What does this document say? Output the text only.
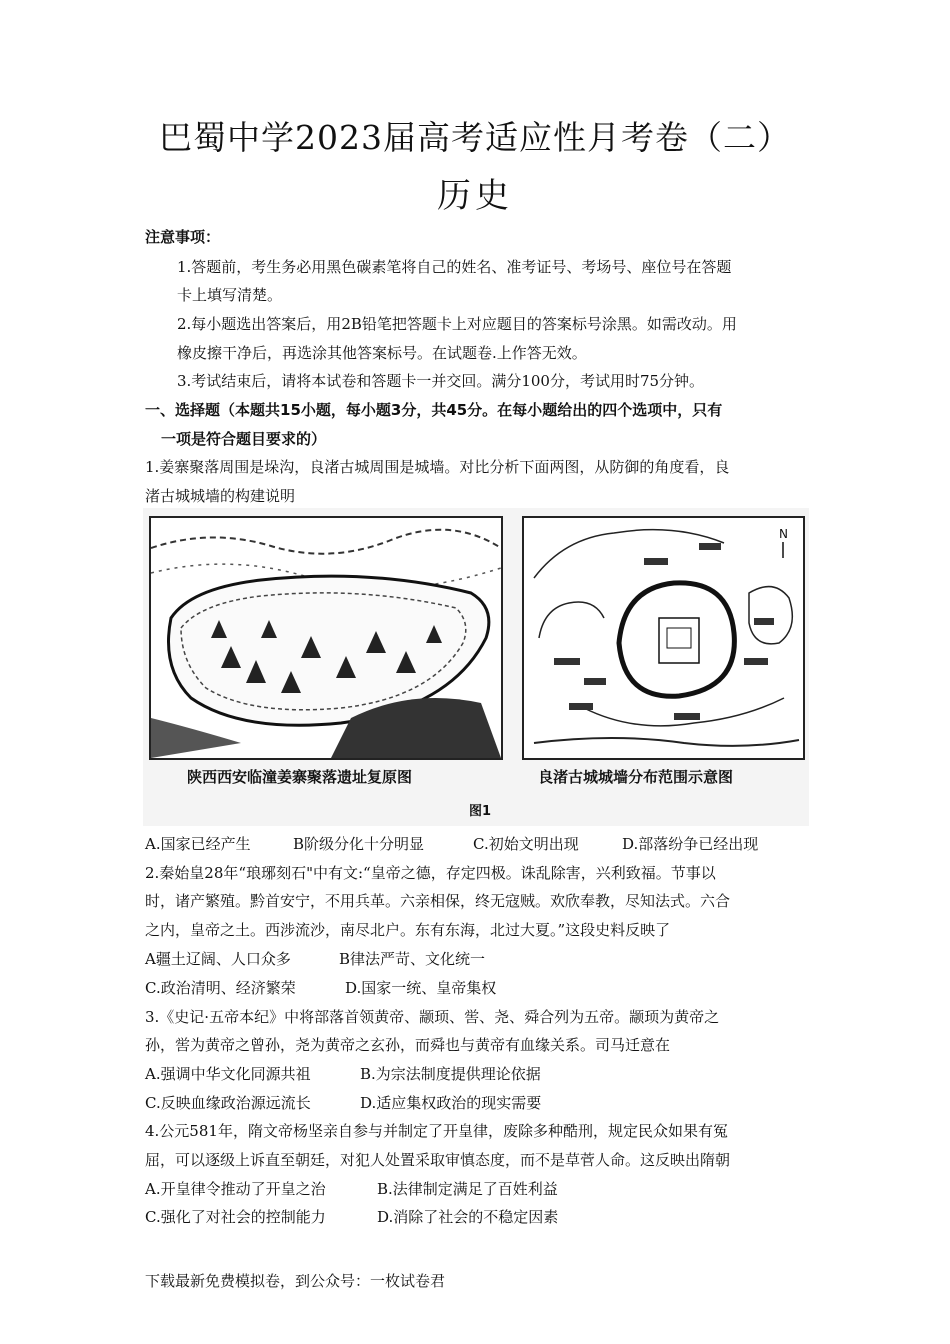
巴蜀中学2023届高考适应性月考卷（二）
历史
注意事项：
1.答题前，考生务必用黑色碳素笔将自己的姓名、准考证号、考场号、座位号在答题
卡上填写清楚。
2.每小题选出答案后，用2B铅笔把答题卡上对应题目的答案标号涂黑。如需改动。用
橡皮擦干净后，再选涂其他答案标号。在试题卷.上作答无效。
3.考试结束后，请将本试卷和答题卡一并交回。满分100分，考试用时75分钟。
一、选择题（本题共15小题，每小题3分，共45分。在每小题给出的四个选项中，只有
一项是符合题目要求的）
1.姜寨聚落周围是垛沟，良渚古城周围是城墙。对比分析下面两图，从防御的角度看，良
渚古城城墙的构建说明
陕西西安临潼姜寨聚落遗址复原图
N
良渚古城城墙分布范围示意图
图1
A.国家已经产生	B阶级分化十分明显	C.初始文明出现	D.部落纷争已经出现
2.秦始皇28年“琅琊刻石"中有文:“皇帝之德，存定四极。诛乱除害，兴利致福。节事以
时，诸产繁殖。黔首安宁，不用兵革。六亲相保，终无寇贼。欢欣奉教，尽知法式。六合
之内，皇帝之土。西涉流沙，南尽北户。东有东海，北过大夏。”这段史料反映了
A疆土辽阔、人口众多	B律法严苛、文化统一
C.政治清明、经济繁荣	D.国家一统、皇帝集权
3.《史记·五帝本纪》中将部落首领黄帝、颛顼、喾、尧、舜合列为五帝。颛顼为黄帝之
孙，喾为黄帝之曾孙，尧为黄帝之玄孙，而舜也与黄帝有血缘关系。司马迁意在
A.强调中华文化同源共祖	B.为宗法制度提供理论依据
C.反映血缘政治源远流长	D.适应集权政治的现实需要
4.公元581年，隋文帝杨坚亲自参与并制定了开皇律，废除多种酷刑，规定民众如果有冤
屈，可以逐级上诉直至朝廷，对犯人处置采取审慎态度，而不是草菅人命。这反映出隋朝
A.开皇律令推动了开皇之治	B.法律制定满足了百姓利益
C.强化了对社会的控制能力	D.消除了社会的不稳定因素
下载最新免费模拟卷，到公众号：一枚试卷君
